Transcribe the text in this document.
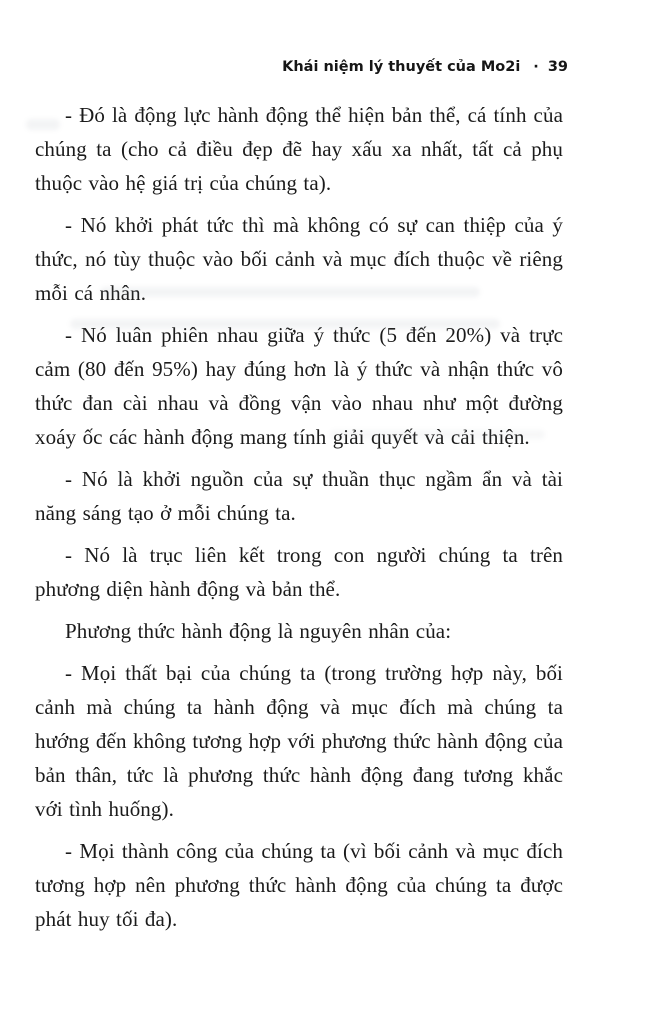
Khái niệm lý thuyết của Mo2i · 39

- Đó là động lực hành động thể hiện bản thể, cá tính của chúng ta (cho cả điều đẹp đẽ hay xấu xa nhất, tất cả phụ thuộc vào hệ giá trị của chúng ta).

- Nó khởi phát tức thì mà không có sự can thiệp của ý thức, nó tùy thuộc vào bối cảnh và mục đích thuộc về riêng mỗi cá nhân.

- Nó luân phiên nhau giữa ý thức (5 đến 20%) và trực cảm (80 đến 95%) hay đúng hơn là ý thức và nhận thức vô thức đan cài nhau và đồng vận vào nhau như một đường xoáy ốc các hành động mang tính giải quyết và cải thiện.

- Nó là khởi nguồn của sự thuần thục ngầm ẩn và tài năng sáng tạo ở mỗi chúng ta.

- Nó là trục liên kết trong con người chúng ta trên phương diện hành động và bản thể.

Phương thức hành động là nguyên nhân của:

- Mọi thất bại của chúng ta (trong trường hợp này, bối cảnh mà chúng ta hành động và mục đích mà chúng ta hướng đến không tương hợp với phương thức hành động của bản thân, tức là phương thức hành động đang tương khắc với tình huống).

- Mọi thành công của chúng ta (vì bối cảnh và mục đích tương hợp nên phương thức hành động của chúng ta được phát huy tối đa).
